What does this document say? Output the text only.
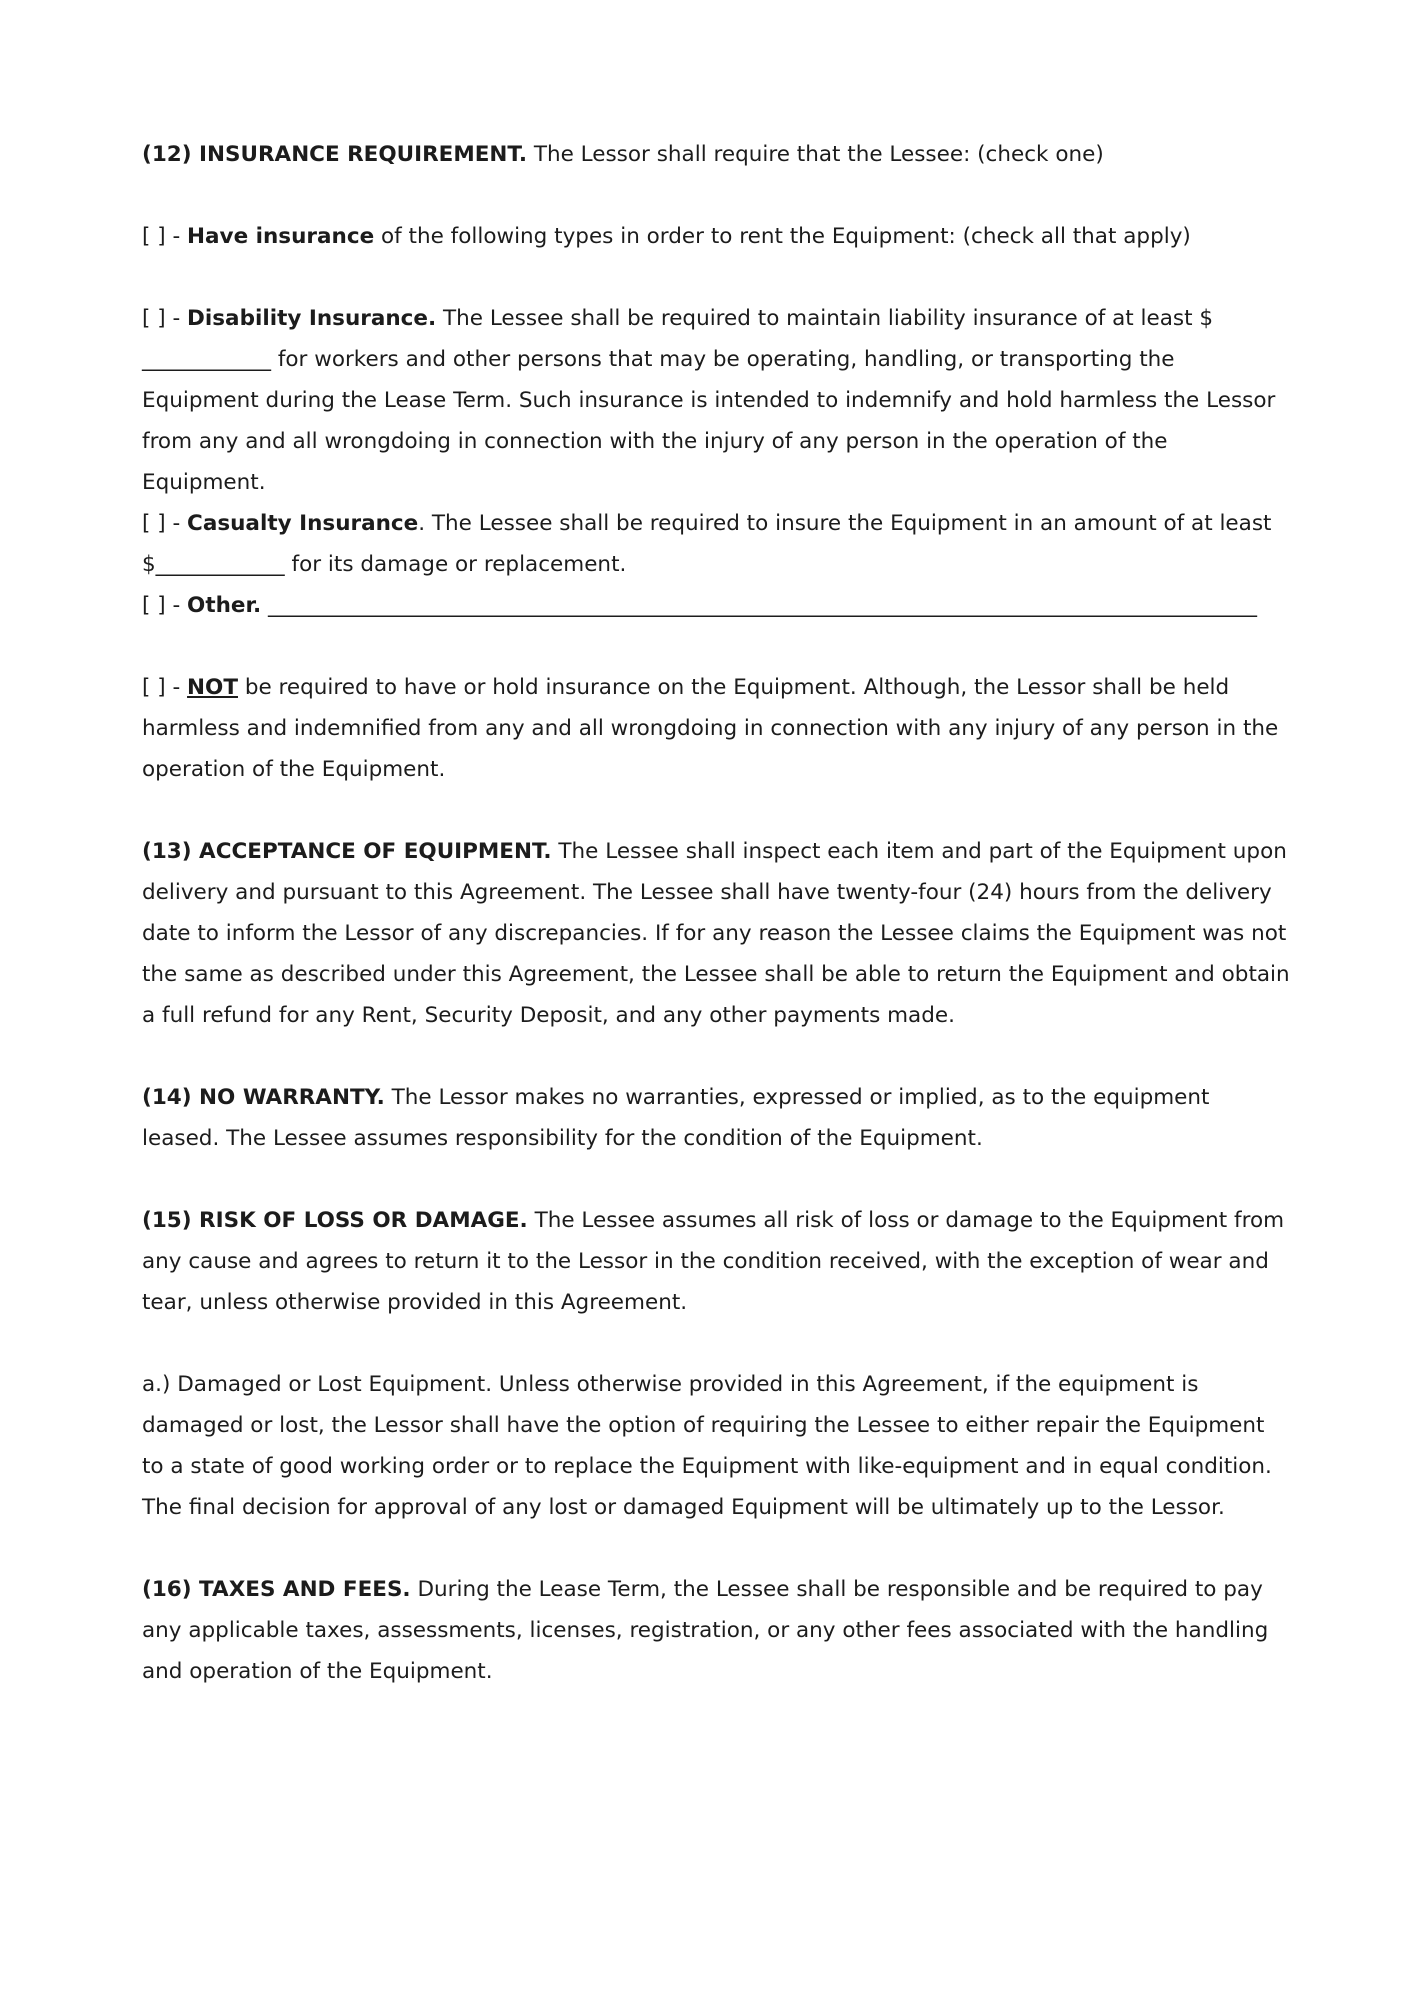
(12) INSURANCE REQUIREMENT. The Lessor shall require that the Lessee: (check one)

[ ] - Have insurance of the following types in order to rent the Equipment: (check all that apply)

[ ] - Disability Insurance. The Lessee shall be required to maintain liability insurance of at least $ ____________ for workers and other persons that may be operating, handling, or transporting the Equipment during the Lease Term. Such insurance is intended to indemnify and hold harmless the Lessor from any and all wrongdoing in connection with the injury of any person in the operation of the Equipment.

[ ] - Casualty Insurance. The Lessee shall be required to insure the Equipment in an amount of at least $____________ for its damage or replacement.

[ ] - Other. ____________________________________________________________________________________________

[ ] - NOT be required to have or hold insurance on the Equipment. Although, the Lessor shall be held harmless and indemnified from any and all wrongdoing in connection with any injury of any person in the operation of the Equipment.

(13) ACCEPTANCE OF EQUIPMENT. The Lessee shall inspect each item and part of the Equipment upon delivery and pursuant to this Agreement. The Lessee shall have twenty-four (24) hours from the delivery date to inform the Lessor of any discrepancies. If for any reason the Lessee claims the Equipment was not the same as described under this Agreement, the Lessee shall be able to return the Equipment and obtain a full refund for any Rent, Security Deposit, and any other payments made.

(14) NO WARRANTY. The Lessor makes no warranties, expressed or implied, as to the equipment leased. The Lessee assumes responsibility for the condition of the Equipment.

(15) RISK OF LOSS OR DAMAGE. The Lessee assumes all risk of loss or damage to the Equipment from any cause and agrees to return it to the Lessor in the condition received, with the exception of wear and tear, unless otherwise provided in this Agreement.

a.) Damaged or Lost Equipment. Unless otherwise provided in this Agreement, if the equipment is damaged or lost, the Lessor shall have the option of requiring the Lessee to either repair the Equipment to a state of good working order or to replace the Equipment with like-equipment and in equal condition. The final decision for approval of any lost or damaged Equipment will be ultimately up to the Lessor.

(16) TAXES AND FEES. During the Lease Term, the Lessee shall be responsible and be required to pay any applicable taxes, assessments, licenses, registration, or any other fees associated with the handling and operation of the Equipment.
